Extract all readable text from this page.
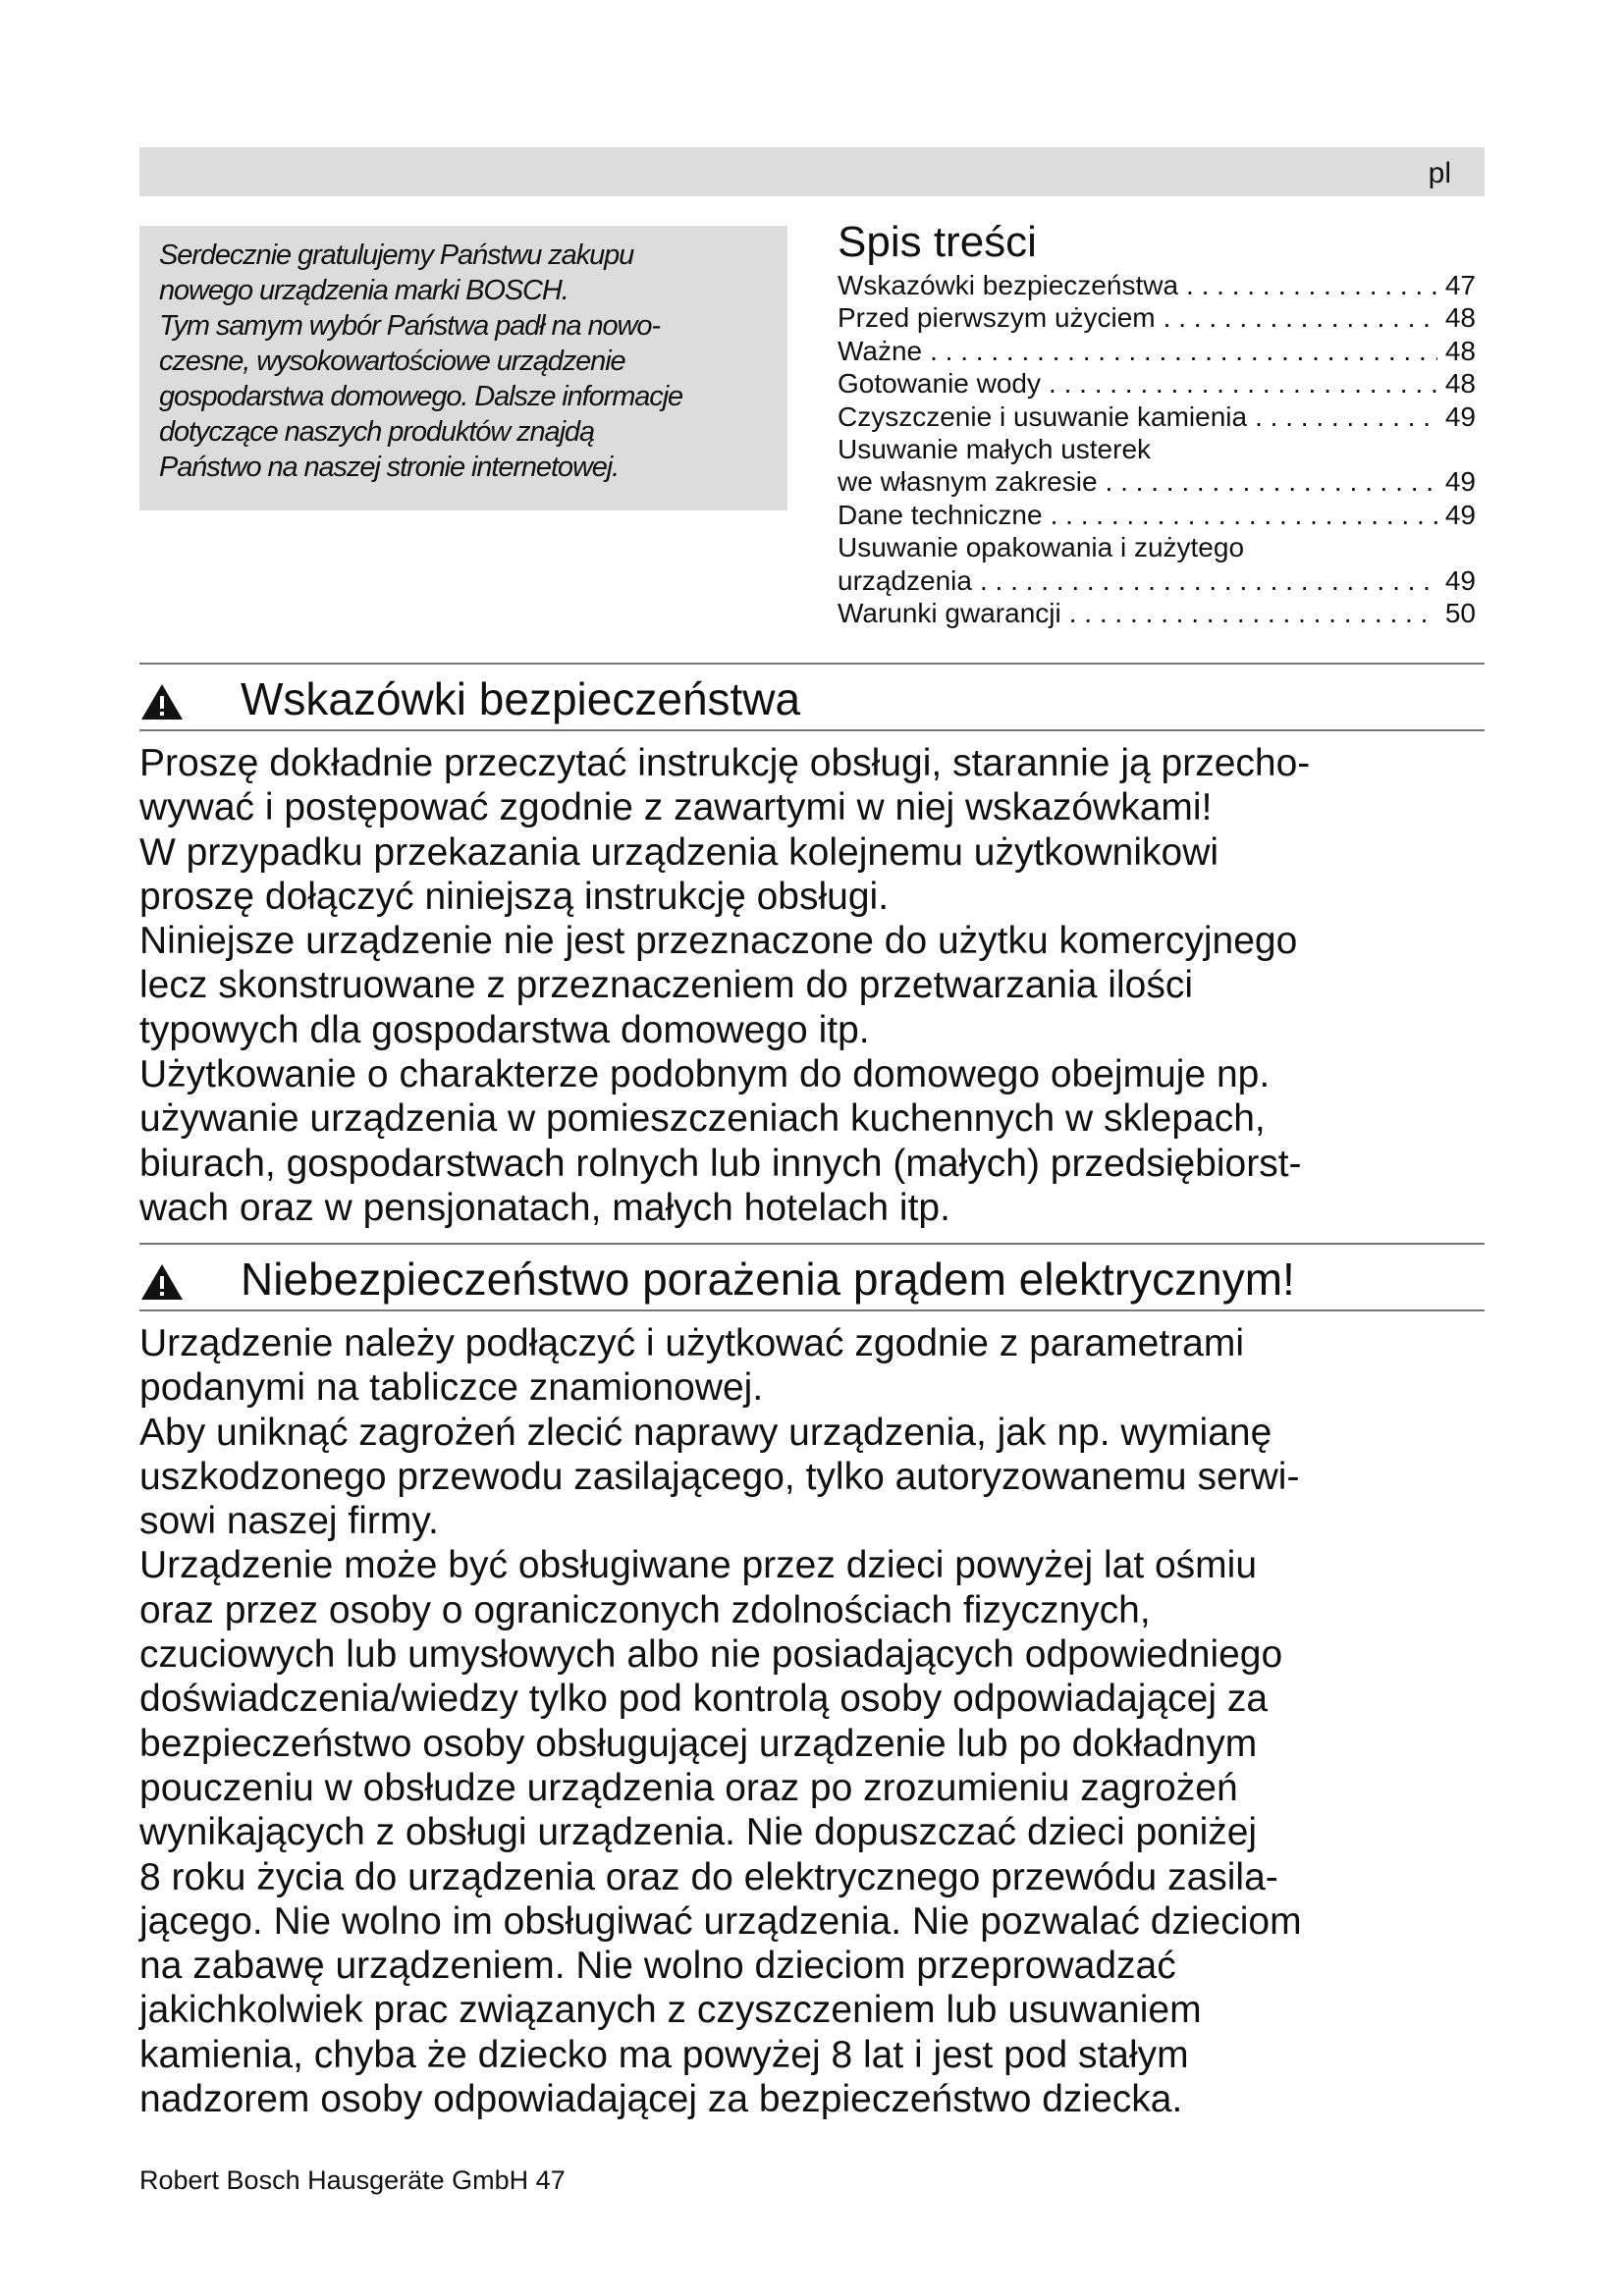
pl
Serdecznie gratulujemy Państwu zakupu
nowego urządzenia marki BOSCH.
Tym samym wybór Państwa padł na nowo-
czesne, wysokowartościowe urządzenie
gospodarstwa domowego. Dalsze informacje
dotyczące naszych produktów znajdą
Państwo na naszej stronie internetowej.
Spis treści
Wskazówki bezpieczeństwa . . .	47
Przed pierwszym użyciem . . .	48
Ważne . . .	48
Gotowanie wody . . .	48
Czyszczenie i usuwanie kamienia . . .	49
Usuwanie małych usterek
we własnym zakresie . . .	49
Dane techniczne . . .	49
Usuwanie opakowania i zużytego
urządzenia . . .	49
Warunki gwarancji . . .	50
Wskazówki bezpieczeństwa
Proszę dokładnie przeczytać instrukcję obsługi, starannie ją przecho-
wywać i postępować zgodnie z zawartymi w niej wskazówkami!
W przypadku przekazania urządzenia kolejnemu użytkownikowi
proszę dołączyć niniejszą instrukcję obsługi.
Niniejsze urządzenie nie jest przeznaczone do użytku komercyjnego
lecz skonstruowane z przeznaczeniem do przetwarzania ilości
typowych dla gospodarstwa domowego itp.
Użytkowanie o charakterze podobnym do domowego obejmuje np.
używanie urządzenia w pomieszczeniach kuchennych w sklepach,
biurach, gospodarstwach rolnych lub innych (małych) przedsiębiorst-
wach oraz w pensjonatach, małych hotelach itp.
Niebezpieczeństwo porażenia prądem elektrycznym!
Urządzenie należy podłączyć i użytkować zgodnie z parametrami
podanymi na tabliczce znamionowej.
Aby uniknąć zagrożeń zlecić naprawy urządzenia, jak np. wymianę
uszkodzonego przewodu zasilającego, tylko autoryzowanemu serwi-
sowi naszej firmy.
Urządzenie może być obsługiwane przez dzieci powyżej lat ośmiu
oraz przez osoby o ograniczonych zdolnościach fizycznych,
czuciowych lub umysłowych albo nie posiadających odpowiedniego
doświadczenia/wiedzy tylko pod kontrolą osoby odpowiadającej za
bezpieczeństwo osoby obsługującej urządzenie lub po dokładnym
pouczeniu w obsłudze urządzenia oraz po zrozumieniu zagrożeń
wynikających z obsługi urządzenia. Nie dopuszczać dzieci poniżej
8 roku życia do urządzenia oraz do elektrycznego przewódu zasila-
jącego. Nie wolno im obsługiwać urządzenia. Nie pozwalać dzieciom
na zabawę urządzeniem. Nie wolno dzieciom przeprowadzać
jakichkolwiek prac związanych z czyszczeniem lub usuwaniem
kamienia, chyba że dziecko ma powyżej 8 lat i jest pod stałym
nadzorem osoby odpowiadającej za bezpieczeństwo dziecka.
Robert Bosch Hausgeräte GmbH 47
